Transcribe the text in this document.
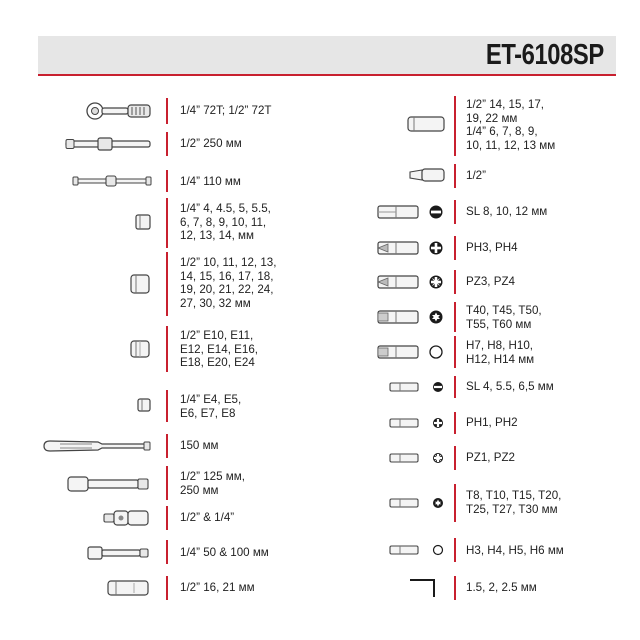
ET-6108SP
1/4” 72T; 1/2” 72T
1/2” 250 мм
1/4” 110 мм
1/4” 4, 4.5, 5, 5.5,
6, 7, 8, 9, 10, 11,
12, 13, 14, мм
1/2” 10, 11, 12, 13,
14, 15, 16, 17, 18,
19, 20, 21, 22, 24,
27, 30, 32 мм
1/2” E10, E11,
E12, E14, E16,
E18, E20, E24
1/4” E4, E5,
E6, E7, E8
150 мм
1/2” 125 мм,
250 мм
1/2” & 1/4”
1/4” 50 & 100 мм
1/2” 16, 21 мм
1/2” 14, 15, 17,
19, 22 мм
1/4” 6, 7, 8, 9,
10, 11, 12, 13 мм
1/2”
SL 8, 10, 12 мм
PH3, PH4
PZ3, PZ4
T40, T45, T50,
T55, T60 мм
H7, H8, H10,
H12, H14 мм
SL 4, 5.5, 6,5 мм
PH1, PH2
PZ1, PZ2
T8, T10, T15, T20,
T25, T27, T30 мм
H3, H4, H5, H6 мм
1.5, 2, 2.5 мм
